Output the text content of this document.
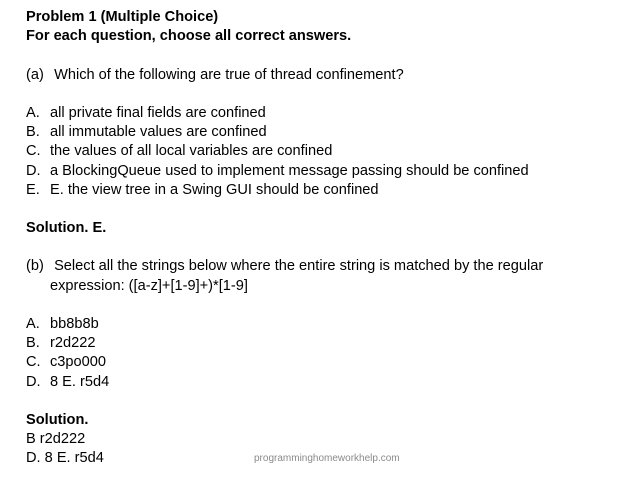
Problem 1 (Multiple Choice)
For each question, choose all correct answers.
(a) Which of the following are true of thread confinement?
A. all private final fields are confined
B. all immutable values are confined
C. the values of all local variables are confined
D. a BlockingQueue used to implement message passing should be confined
E. E. the view tree in a Swing GUI should be confined
Solution. E.
(b) Select all the strings below where the entire string is matched by the regular
expression: ([a-z]+[1-9]+)*[1-9]
A. bb8b8b
B. r2d222
C. c3po000
D. 8 E. r5d4
Solution.
B r2d222
D. 8 E. r5d4	programminghomeworkhelp.com
